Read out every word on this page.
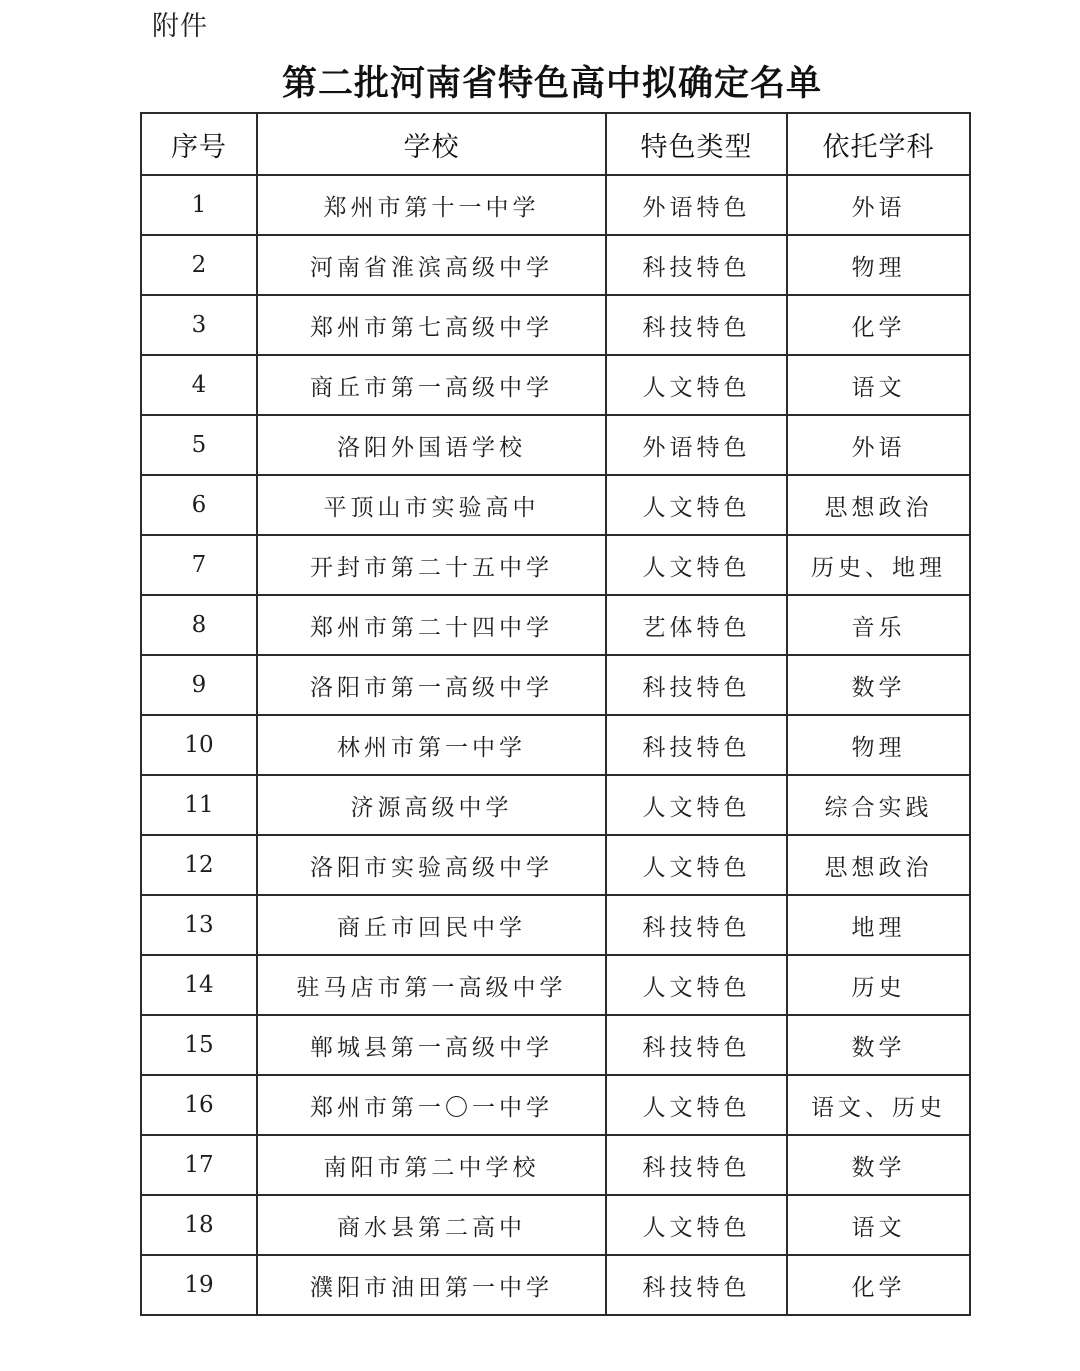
附件
第二批河南省特色高中拟确定名单
序号	学校	特色类型	依托学科
1	郑州市第十一中学	外语特色	外语
2	河南省淮滨高级中学	科技特色	物理
3	郑州市第七高级中学	科技特色	化学
4	商丘市第一高级中学	人文特色	语文
5	洛阳外国语学校	外语特色	外语
6	平顶山市实验高中	人文特色	思想政治
7	开封市第二十五中学	人文特色	历史、地理
8	郑州市第二十四中学	艺体特色	音乐
9	洛阳市第一高级中学	科技特色	数学
10	林州市第一中学	科技特色	物理
11	济源高级中学	人文特色	综合实践
12	洛阳市实验高级中学	人文特色	思想政治
13	商丘市回民中学	科技特色	地理
14	驻马店市第一高级中学	人文特色	历史
15	郸城县第一高级中学	科技特色	数学
16	郑州市第一〇一中学	人文特色	语文、历史
17	南阳市第二中学校	科技特色	数学
18	商水县第二高中	人文特色	语文
19	濮阳市油田第一中学	科技特色	化学
